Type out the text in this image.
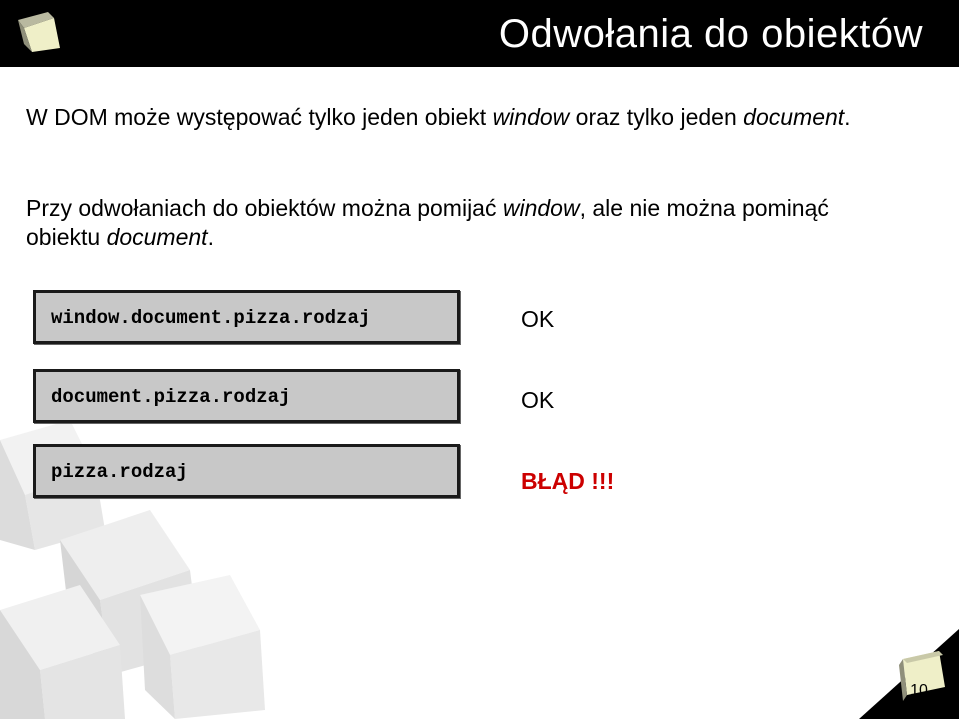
Odwołania do obiektów

W DOM może występować tylko jeden obiekt window oraz tylko jeden document.

Przy odwołaniach do obiektów można pomijać window, ale nie można pominąć obiektu document.

window.document.pizza.rodzaj	OK
document.pizza.rodzaj	OK
pizza.rodzaj	BŁĄD !!!
10
